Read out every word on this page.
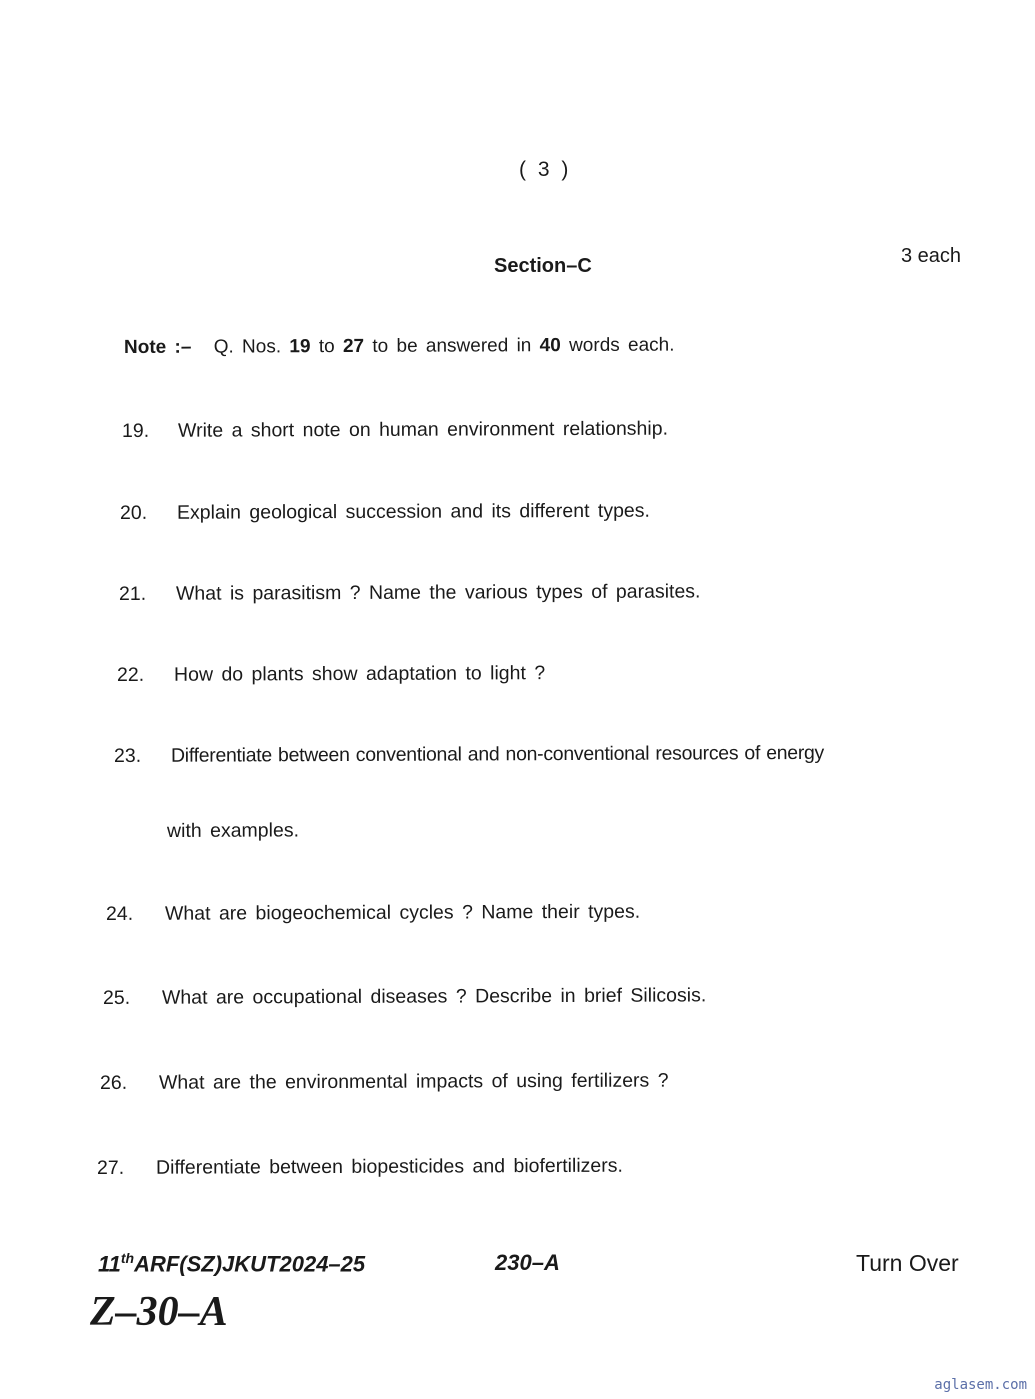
( 3 )
Section–C	3 each
Note :– Q. Nos. 19 to 27 to be answered in 40 words each.
19. Write a short note on human environment relationship.
20. Explain geological succession and its different types.
21. What is parasitism ? Name the various types of parasites.
22. How do plants show adaptation to light ?
23. Differentiate between conventional and non-conventional resources of energy
with examples.
24. What are biogeochemical cycles ? Name their types.
25. What are occupational diseases ? Describe in brief Silicosis.
26. What are the environmental impacts of using fertilizers ?
27. Differentiate between biopesticides and biofertilizers.
11thARF(SZ)JKUT2024–25	230–A	Turn Over
Z–30–A
aglasem.com
